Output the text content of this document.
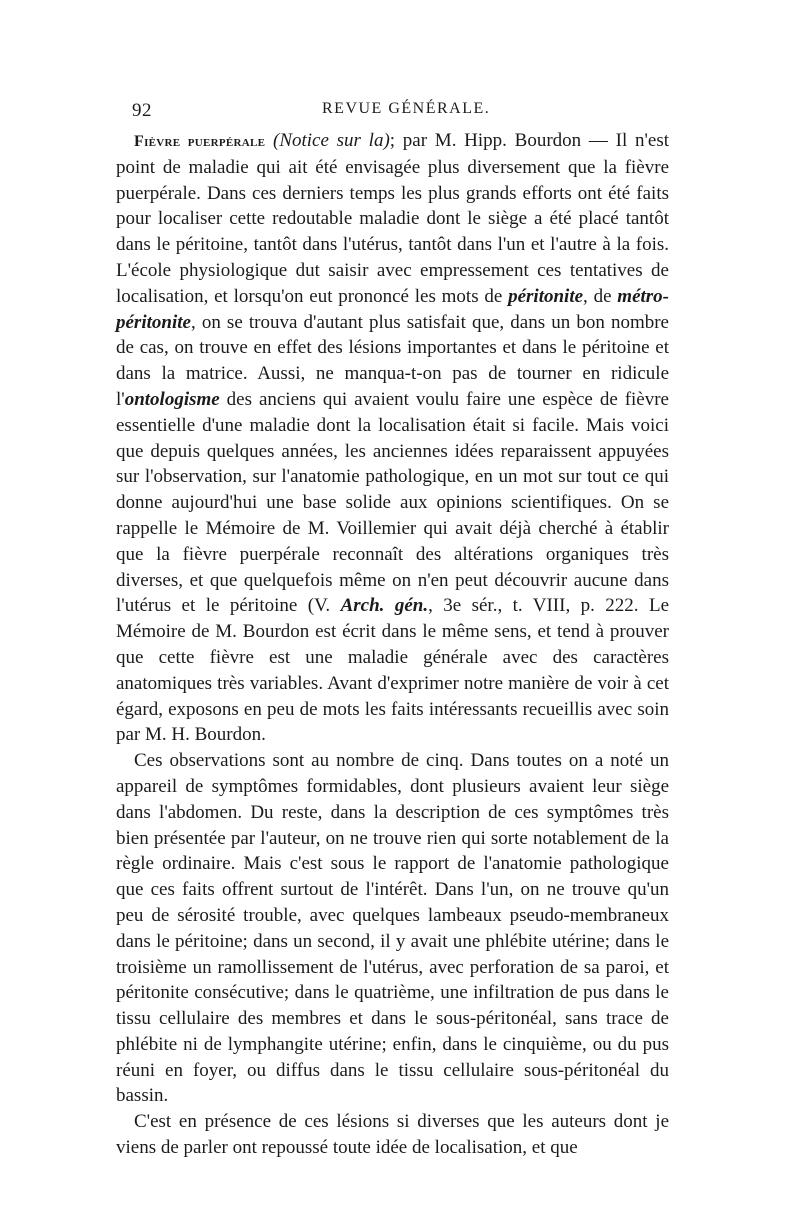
92	REVUE GÉNÉRALE.

Fièvre puerpérale (Notice sur la); par M. Hipp. Bourdon — Il n'est point de maladie qui ait été envisagée plus diversement que la fièvre puerpérale. Dans ces derniers temps les plus grands efforts ont été faits pour localiser cette redoutable maladie dont le siège a été placé tantôt dans le péritoine, tantôt dans l'utérus, tantôt dans l'un et l'autre à la fois. L'école physiologique dut saisir avec empressement ces tentatives de localisation, et lorsqu'on eut prononcé les mots de péritonite, de métro-péritonite, on se trouva d'autant plus satisfait que, dans un bon nombre de cas, on trouve en effet des lésions importantes et dans le péritoine et dans la matrice. Aussi, ne manqua-t-on pas de tourner en ridicule l'ontologisme des anciens qui avaient voulu faire une espèce de fièvre essentielle d'une maladie dont la localisation était si facile. Mais voici que depuis quelques années, les anciennes idées reparaissent appuyées sur l'observation, sur l'anatomie pathologique, en un mot sur tout ce qui donne aujourd'hui une base solide aux opinions scientifiques. On se rappelle le Mémoire de M. Voillemier qui avait déjà cherché à établir que la fièvre puerpérale reconnaît des altérations organiques très diverses, et que quelquefois même on n'en peut découvrir aucune dans l'utérus et le péritoine (V. Arch. gén., 3e sér., t. VIII, p. 222. Le Mémoire de M. Bourdon est écrit dans le même sens, et tend à prouver que cette fièvre est une maladie générale avec des caractères anatomiques très variables. Avant d'exprimer notre manière de voir à cet égard, exposons en peu de mots les faits intéressants recueillis avec soin par M. H. Bourdon.

Ces observations sont au nombre de cinq. Dans toutes on a noté un appareil de symptômes formidables, dont plusieurs avaient leur siège dans l'abdomen. Du reste, dans la description de ces symptômes très bien présentée par l'auteur, on ne trouve rien qui sorte notablement de la règle ordinaire. Mais c'est sous le rapport de l'anatomie pathologique que ces faits offrent surtout de l'intérêt. Dans l'un, on ne trouve qu'un peu de sérosité trouble, avec quelques lambeaux pseudo-membraneux dans le péritoine; dans un second, il y avait une phlébite utérine; dans le troisième un ramollissement de l'utérus, avec perforation de sa paroi, et péritonite consécutive; dans le quatrième, une infiltration de pus dans le tissu cellulaire des membres et dans le sous-péritonéal, sans trace de phlébite ni de lymphangite utérine; enfin, dans le cinquième, ou du pus réuni en foyer, ou diffus dans le tissu cellulaire sous-péritonéal du bassin.

C'est en présence de ces lésions si diverses que les auteurs dont je viens de parler ont repoussé toute idée de localisation, et que
